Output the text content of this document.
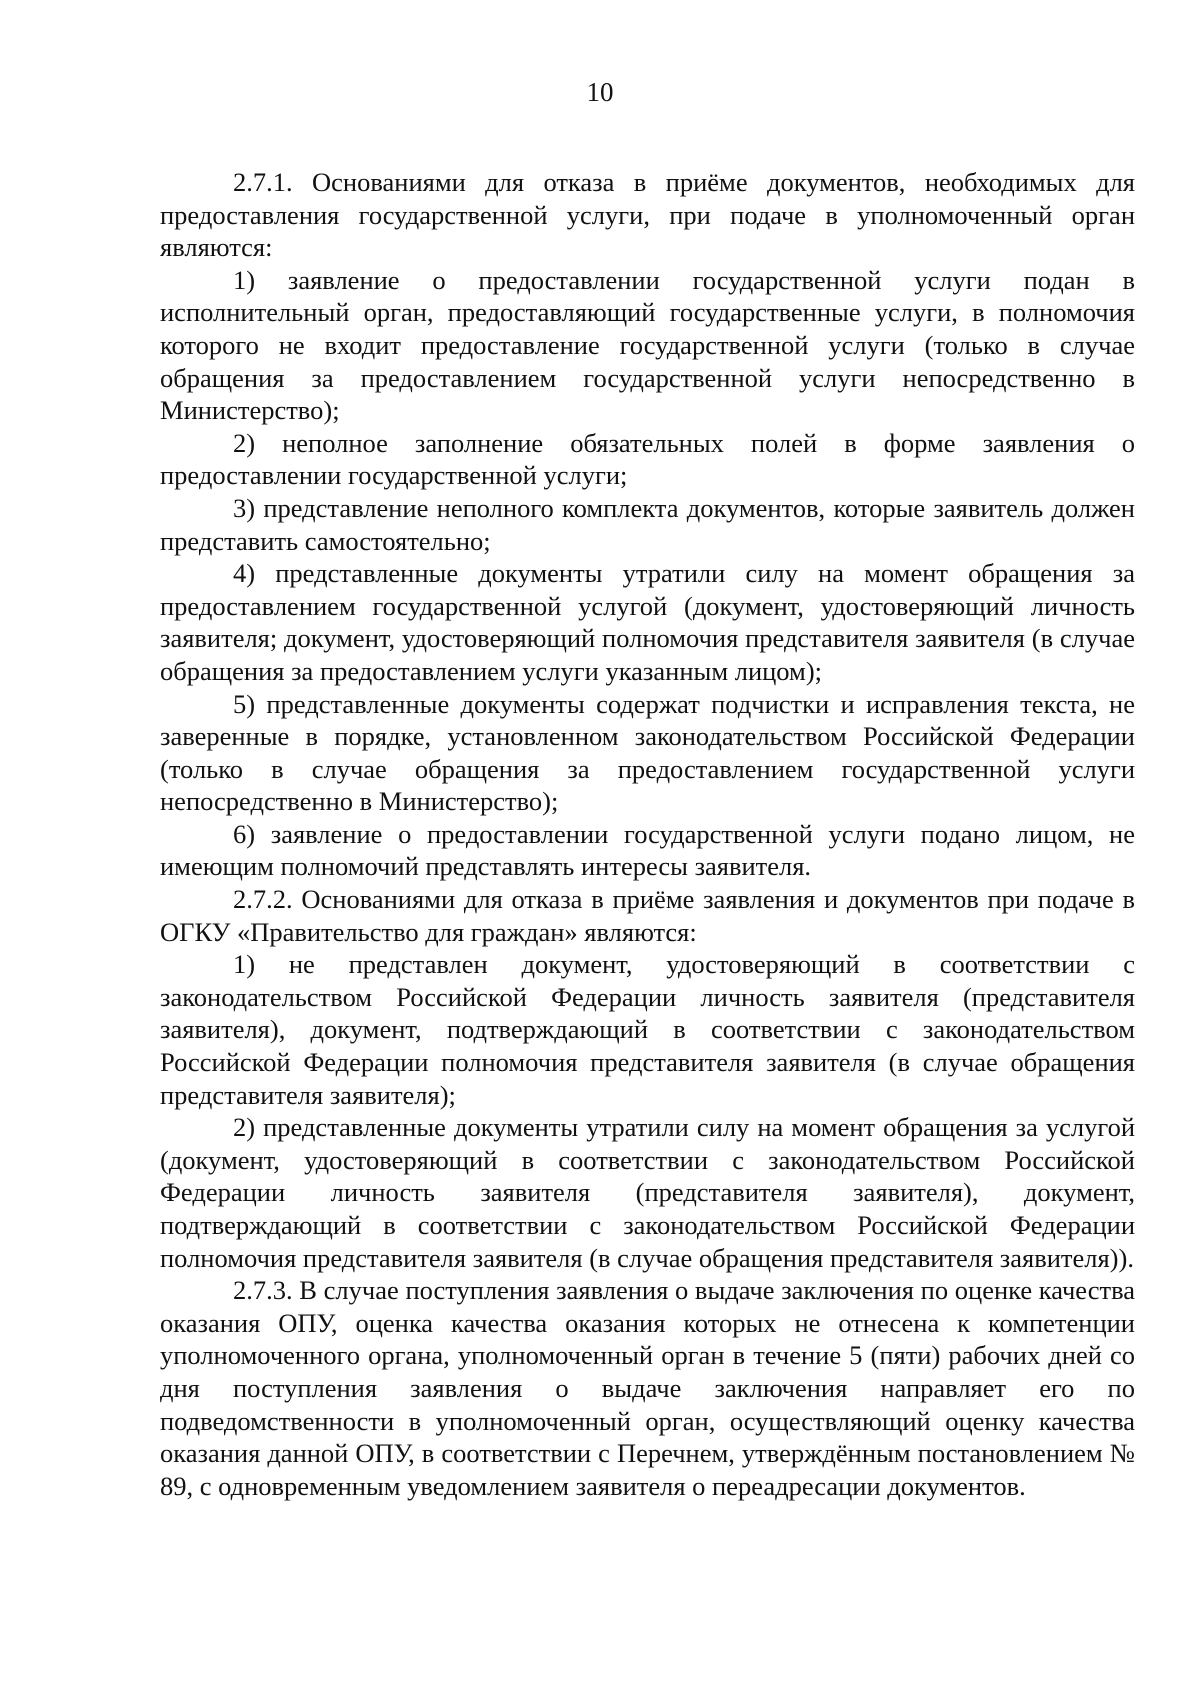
10

2.7.1. Основаниями для отказа в приёме документов, необходимых для предоставления государственной услуги, при подаче в уполномоченный орган являются:

1) заявление о предоставлении государственной услуги подан в исполнительный орган, предоставляющий государственные услуги, в полномочия которого не входит предоставление государственной услуги (только в случае обращения за предоставлением государственной услуги непосредственно в Министерство);

2) неполное заполнение обязательных полей в форме заявления о предоставлении государственной услуги;

3) представление неполного комплекта документов, которые заявитель должен представить самостоятельно;

4) представленные документы утратили силу на момент обращения за предоставлением государственной услугой (документ, удостоверяющий личность заявителя; документ, удостоверяющий полномочия представителя заявителя (в случае обращения за предоставлением услуги указанным лицом);

5) представленные документы содержат подчистки и исправления текста, не заверенные в порядке, установленном законодательством Российской Федерации (только в случае обращения за предоставлением государственной услуги непосредственно в Министерство);

6) заявление о предоставлении государственной услуги подано лицом, не имеющим полномочий представлять интересы заявителя.

2.7.2. Основаниями для отказа в приёме заявления и документов при подаче в ОГКУ «Правительство для граждан» являются:

1) не представлен документ, удостоверяющий в соответствии с законодательством Российской Федерации личность заявителя (представителя заявителя), документ, подтверждающий в соответствии с законодательством Российской Федерации полномочия представителя заявителя (в случае обращения представителя заявителя);

2) представленные документы утратили силу на момент обращения за услугой (документ, удостоверяющий в соответствии с законодательством Российской Федерации личность заявителя (представителя заявителя), документ, подтверждающий в соответствии с законодательством Российской Федерации полномочия представителя заявителя (в случае обращения представителя заявителя)).

2.7.3. В случае поступления заявления о выдаче заключения по оценке качества оказания ОПУ, оценка качества оказания которых не отнесена к компетенции уполномоченного органа, уполномоченный орган в течение 5 (пяти) рабочих дней со дня поступления заявления о выдаче заключения направляет его по подведомственности в уполномоченный орган, осуществляющий оценку качества оказания данной ОПУ, в соответствии с Перечнем, утверждённым постановлением № 89, с одновременным уведомлением заявителя о переадресации документов.
